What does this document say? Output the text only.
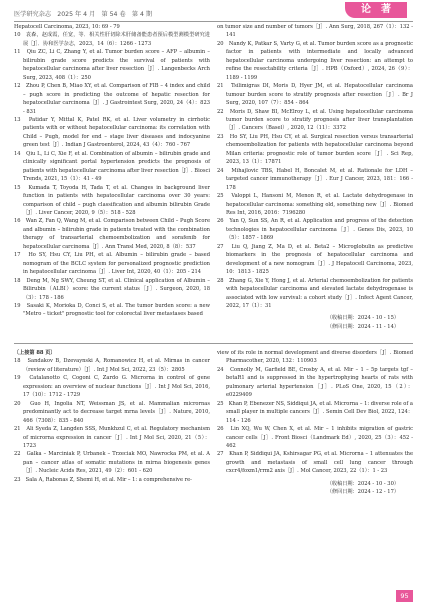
医学研究杂志　2025 年 4 月　第 54 卷　第 4 期	论　著

Hepatocell Carcinoma, 2023, 10: 69 - 79

10　袁森，赵成霞，任宽，等．相关性肝切除术肝储备能患者预后模型测模型研究进展［J］．协和医学杂志，2023，14（6）：1266 - 1273

11　Qiu ZC, Li C, Zhang Y, et al. Tumor burden score – AFP – albumin – bilirubin grade score predicts the survival of patients with hepatocellular carcinoma after liver resection［J］. Langenbecks Arch Surg, 2023, 408（1）：250

12　Zhou P, Chen B, Miao XY, et al. Comparison of FIB – 4 index and child – pugh score in predicting the outcome of hepatic resection for hepatocellular carcinoma［J］. J Gastrointest Surg, 2020, 24（4）：823 - 831

13　Patidar Y, Mittal K, Patel RK, et al. Liver volumetry in cirrhotic patients with or without hepatocellular carcinoma: its correlation with Child – Pugh, model for end – stage liver diseases and indocyanine green test［J］. Indian J Gastroenterol, 2024, 43（4）：760 - 767

14　Qiu L, Li C, Xie F, et al. Combination of albumin – bilirubin grade and clinically significant portal hypertension predicts the prognosis of patients with hepatocellular carcinoma after liver resection［J］. Biosci Trends, 2021, 15（1）：41 - 49

15　Kumada T, Toyoda H, Tada T, et al. Changes in background liver function in patients with hepatocellular carcinoma over 30 years: comparison of child – pugh classification and albumin bilirubin Grade［J］. Liver Cancer, 2020, 9（5）：518 - 528

16　Wan Z, Fan Q, Wang M, et al. Comparison between Child – Pugh Score and albumin – bilirubin grade in patients treated with the combination therapy of transarterial chemoembolization and sorafenib for hepatocellular carcinoma［J］. Ann Transl Med, 2020, 8（8）：537

17　Ho SY, Hsu CY, Liu PH, et al. Albumin – bilirubin grade – based nomogram of the BCLC system for personalized prognostic prediction in hepatocellular carcinoma［J］. Liver Int, 2020, 40（1）：205 - 214

18　Deng M, Ng SWY, Cheung ST, et al. Clinical application of Albumin – Bilirubin（ALBI）score: the current status［J］. Surgeon, 2020, 18（3）：178 - 186

19　Sasaki K, Morioka D, Conci S, et al. The tumor burden score: a new "Metro – ticket" prognostic tool for colorectal liver metastases based

on tumor size and number of tumors［J］. Ann Surg, 2018, 267（1）：132 - 141

20　Nandy K, Patkar S, Varty G, et al. Tumor burden score as a prognostic factor in patients with intermediate and locally advanced hepatocellular carcinoma undergoing liver resection: an attempt to refine the resectability criteria［J］. HPB（Oxford）, 2024, 26（9）：1189 - 1199

21　Tsilimigras DI, Moris D, Hyer JM, et al. Hepatocellular carcinoma tumour burden score to stratify prognosis after resection［J］. Br J Surg, 2020, 107（7）：854 - 864

22　Moris D, Shaw BI, McElroy L, et al. Using hepatocellular carcinoma tumor burden score to stratify prognosis after liver transplantation［J］. Cancers（Basel）, 2020, 12（11）：3372

23　Ho SY, Liu PH, Hsu CY, et al. Surgical resection versus transarterial chemoembolization for patients with hepatocellular carcinoma beyond Milan criteria: prognostic role of tumor burden score［J］. Sci Rep, 2023, 13（1）：17871

24　Mihajlovic TBS, Habel H, Boncalet M, et al. Rationale for LDH – targeted cancer immunotherapy［J］. Eur J Cancer, 2023, 181：166 - 178

25　Valoppi L, Hansoni M, Menon R, et al. Lactate dehydrogenase in hepatocellular carcinoma: something old, something new［J］. Biomed Res Int, 2016, 2016：7196280

26　Yan Q, Sun SS, An R, et al. Application and progress of the detection technologies in hepatocellular carcinoma［J］. Genes Dis, 2023, 10（5）：1857 - 1869

27　Liu Q, Jiang Z, Ma D, et al. Beta2 – Microglobulin as predictive biomarkers in the prognosis of hepatocellular carcinoma and development of a new nomogram［J］. J Hepatocell Carcinoma, 2023, 10：1813 - 1825

28　Zhang G, Xie Y, Hong J, et al. Arterial chemoembolization for patients with hepatocellular carcinoma and elevated lactate dehydrogenase is associated with low survival: a cohort study［J］. Infect Agent Cancer, 2022, 17（1）：31

（收稿日期：2024 - 10 - 15）

（修回日期：2024 - 11 - 14）

〔上接第 88 页〕

18　Sandakov B, Dzevaynski A, Romanowicz H, et al. Mirnas in cancer（review of literature）［J］. Int J Mol Sci, 2022, 23（5）：2805

19　Catalanotto C, Cogoni C, Zardo G. Microrna in control of gene expression: an overview of nuclear functions［J］. Int J Mol Sci, 2016, 17（10）：1712 - 1729

20　Guo H, Ingolia NT, Weissman JS, et al. Mammalian micrornas predominantly act to decrease target mrna levels［J］. Nature, 2010, 466（7308）：835 - 840

21　Ali Syeda Z, Langden SSS, Munkhzul C, et al. Regulatory mechanism of microrna expression in cancer［J］. Int J Mol Sci, 2020, 21（5）：1723

22　Galka – Marciniak P, Urbanek – Trzeciak MO, Nawrocka PM, et al. A pan – cancer atlas of somatic mutations in mirna biogenesis genes［J］. Nucleic Acids Res, 2021, 49（2）：601 - 620

23　Sala A, Rabonas Z, Shemi H, et al. Mir – 1: a comprehensive re-

view of its role in normal development and diverse disorders［J］. Biomed Pharmacother, 2020, 132：110903

24　Connolly M, Garfield BE, Crosby A, et al. Mir – 1 – 5p targets tgf – betaR1 and is suppressed in the hypertrophying hearts of rats with pulmonary arterial hypertension［J］. PLoS One, 2020, 15（2）：e0229409

25　Khan P, Ebenezer NS, Siddiqui JA, et al. Microrna – 1: diverse role of a small player in multiple cancers［J］. Semin Cell Dev Biol, 2022, 124：114 - 126

26　Lin XQ, Wu W, Chen X, et al. Mir – 1 inhibits migration of gastric cancer cells［J］. Front Biosci（Landmark Ed）, 2020, 25（3）：452 - 462

27　Khan P, Siddiqui JA, Kshirsagar PG, et al. Microrna – 1 attenuates the growth and metastasis of small cell lung cancer through cxcr4/foxm1/rrm2 axis［J］. Mol Cancer, 2023, 22（1）：1 - 23

（收稿日期：2024 - 10 - 30）

（修回日期：2024 - 12 - 17）

95
